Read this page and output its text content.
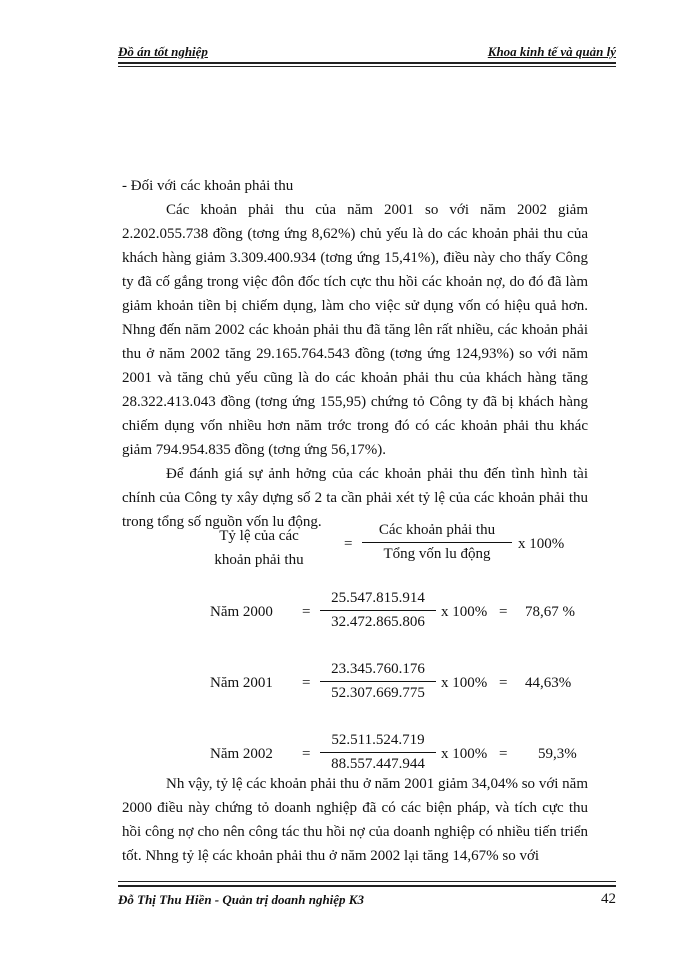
Đồ án tốt nghiệp	Khoa kinh tế và quản lý

- Đối với các khoản phải thu

Các khoản phải thu của năm 2001 so với năm 2002 giảm 2.202.055.738 đồng (tơng ứng 8,62%) chủ yếu là do các khoản phải thu của khách hàng giảm 3.309.400.934 (tơng ứng 15,41%), điều này cho thấy Công ty đã cố gắng trong việc đôn đốc tích cực thu hồi các khoản nợ, do đó đã làm giảm khoản tiền bị chiếm dụng, làm cho việc sử dụng vốn có hiệu quả hơn. Nhng đến năm 2002 các khoản phải thu đã tăng lên rất nhiều, các khoản phải thu ở năm 2002 tăng 29.165.764.543 đồng (tơng ứng 124,93%) so với năm 2001 và tăng chủ yếu cũng là do các khoản phải thu của khách hàng tăng 28.322.413.043 đồng (tơng ứng 155,95) chứng tỏ Công ty đã bị khách hàng chiếm dụng vốn nhiều hơn năm trớc trong đó có các khoản phải thu khác giảm 794.954.835 đồng (tơng ứng 56,17%).

Để đánh giá sự ảnh hởng của các khoản phải thu đến tình hình tài chính của Công ty xây dựng số 2 ta cần phải xét tỷ lệ của các khoản phải thu trong tổng số nguồn vốn lu động.

Tỷ lệ của các
khoản phải thu
=
Các khoản phải thu
Tổng vốn lu động
x 100%
Năm 2000 =
25.547.815.914
32.472.865.806
x 100% = 78,67 %
Năm 2001 =
23.345.760.176
52.307.669.775
x 100% = 44,63%
Năm 2002 =
52.511.524.719
88.557.447.944
x 100% = 59,3%

Nh vậy, tỷ lệ các khoản phải thu ở năm 2001 giảm 34,04% so với năm 2000 điều này chứng tỏ doanh nghiệp đã có các biện pháp, và tích cực thu hồi công nợ cho nên công tác thu hồi nợ của doanh nghiệp có nhiều tiến triển tốt. Nhng tỷ lệ các khoản phải thu ở năm 2002 lại tăng 14,67% so với

Đỗ Thị Thu Hiền - Quản trị doanh nghiệp K3	42
